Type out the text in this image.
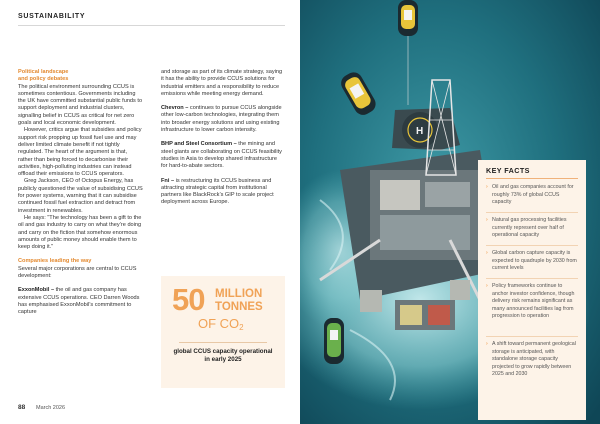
SUSTAINABILITY

Political landscape
and policy debates

The political environment surrounding CCUS is sometimes contentious. Governments including the UK have committed substantial public funds to support deployment and industrial clusters, signalling belief in CCUS as critical for net zero goals and local economic development.

However, critics argue that subsidies and policy support risk propping up fossil fuel use and may deliver limited climate benefit if not tightly regulated. The heart of the argument is that, rather than being forced to decarbonise their activities, high-polluting industries can instead offload their emissions to CCUS operators.

Greg Jackson, CEO of Octopus Energy, has publicly questioned the value of subsidising CCUS for power systems, warning that it can subsidise continued fossil fuel extraction and detract from investment in renewables.

He says: "The technology has been a gift to the oil and gas industry to carry on what they’re doing and carry on the fiction that somehow enormous amounts of public money should enable them to keep doing it."

Companies leading the way

Several major corporations are central to CCUS development:

ExxonMobil – the oil and gas company has extensive CCUS operations. CEO Darren Woods has emphasised ExxonMobil’s commitment to capture

and storage as part of its climate strategy, saying it has the ability to provide CCUS solutions for industrial emitters and a responsibility to reduce emissions while meeting energy demand.

Chevron – continues to pursue CCUS alongside other low-carbon technologies, integrating them into broader energy solutions and using existing infrastructure to lower carbon intensity.

BHP and Steel Consortium – the mining and steel giants are collaborating on CCUS feasibility studies in Asia to develop shared infrastructure for hard-to-abate sectors.

Fni – is restructuring its CCUS business and attracting strategic capital from institutional partners like BlackRock’s GIP to scale project deployment across Europe.

50 MILLION
TONNES
OF $CO_2$
global CCUS capacity operational in early 2025
88 March 2026
H
KEY FACTS
› Oil and gas companies account for roughly 73% of global CCUS capacity
› Natural gas processing facilities currently represent over half of operational capacity
› Global carbon capture capacity is expected to quadruple by 2030 from current levels
› Policy frameworks continue to anchor investor confidence, though delivery risk remains significant as many announced facilities lag from progression to operation
› A shift toward permanent geological storage is anticipated, with standalone storage capacity projected to grow rapidly between 2025 and 2030
